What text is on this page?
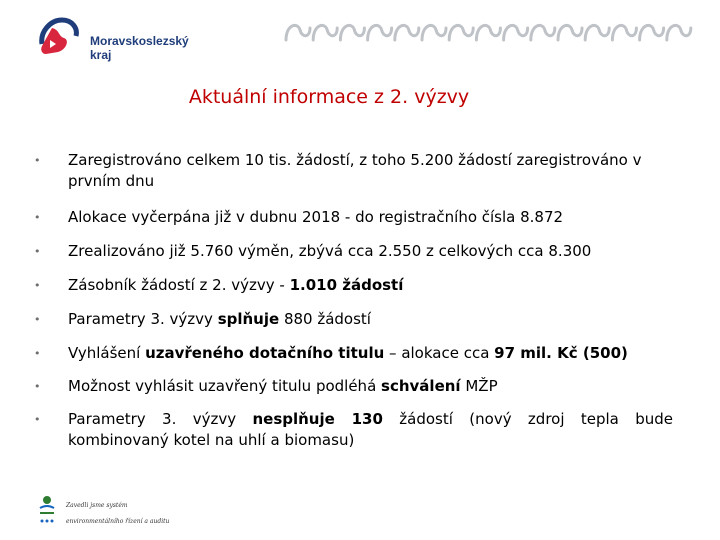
Moravskoslezský
kraj
Aktuální informace z 2. výzvy
• Zaregistrováno celkem 10 tis. žádostí, z toho 5.200 žádostí zaregistrováno v prvním dnu
• Alokace vyčerpána již v dubnu 2018 - do registračního čísla 8.872
• Zrealizováno již 5.760 výměn, zbývá cca 2.550 z celkových cca 8.300
• Zásobník žádostí z 2. výzvy - 1.010 žádostí
• Parametry 3. výzvy splňuje 880 žádostí
• Vyhlášení uzavřeného dotačního titulu – alokace cca 97 mil. Kč (500)
• Možnost vyhlásit uzavřený titulu podléhá schválení MŽP
• Parametry 3. výzvy nesplňuje 130 žádostí (nový zdroj tepla bude kombinovaný kotel na uhlí a biomasu)
Zavedli jsme systém
environmentálního řízení a auditu
